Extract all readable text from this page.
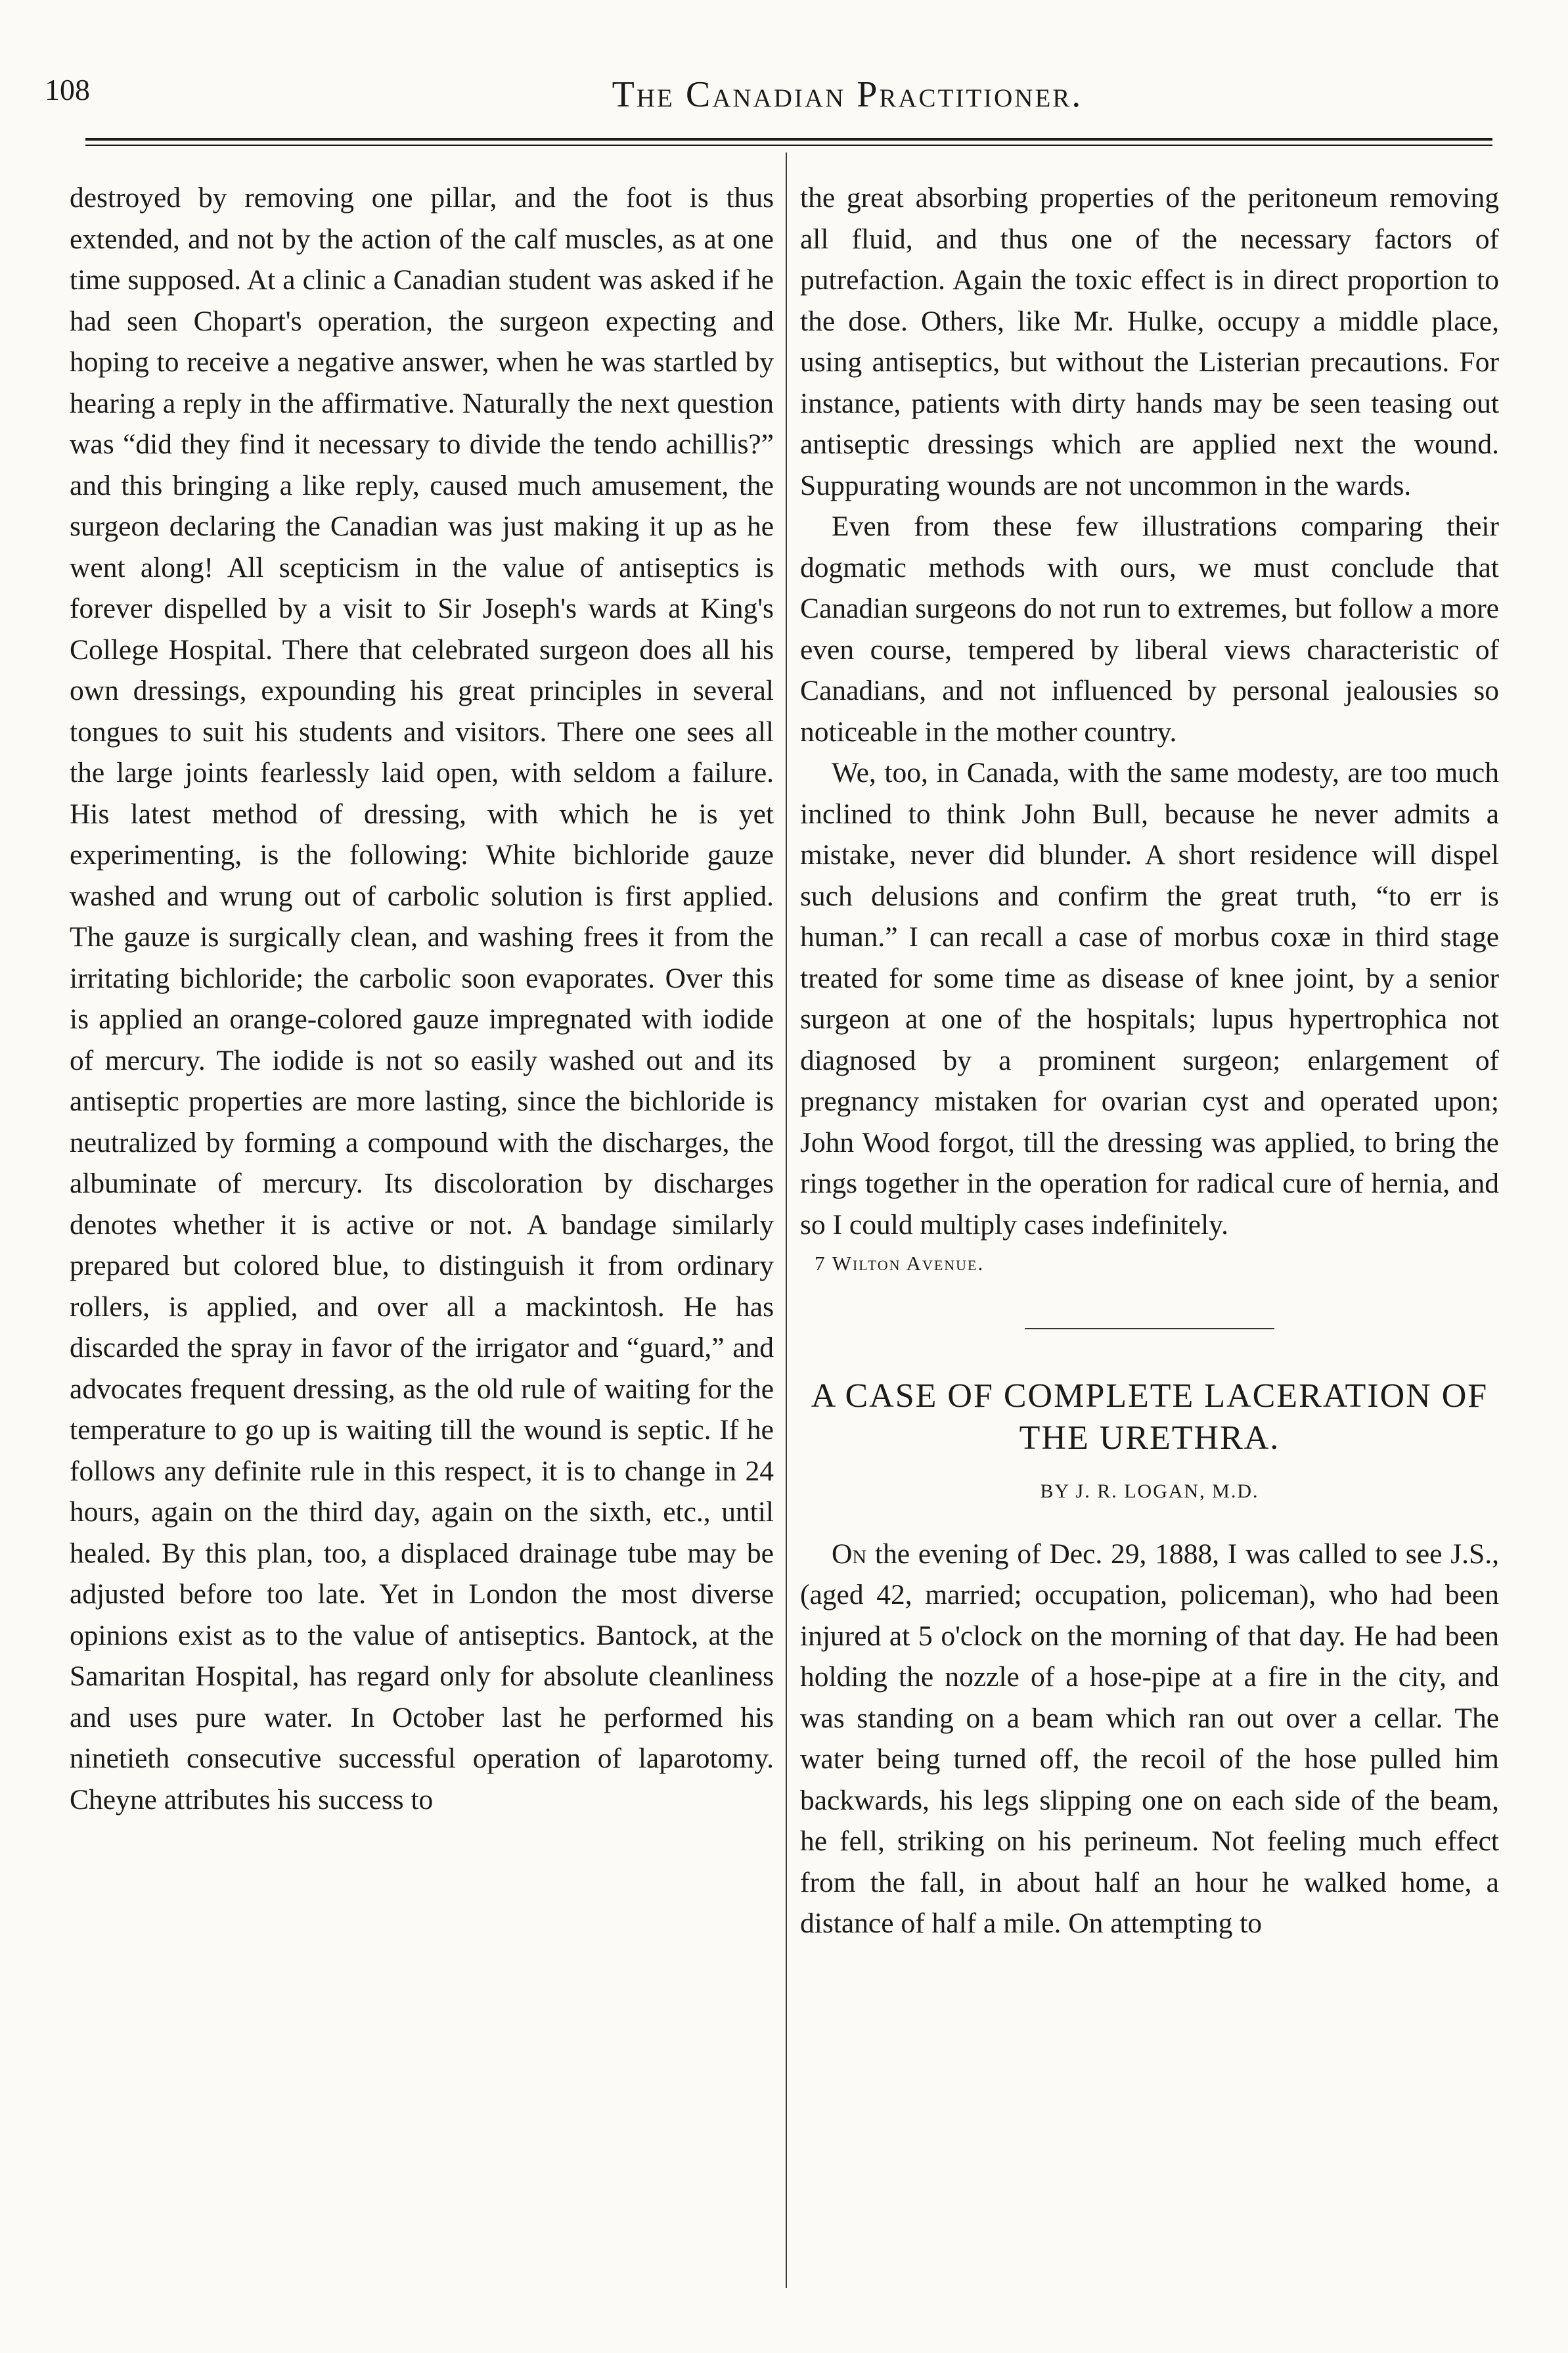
108	The Canadian Practitioner.

destroyed by removing one pillar, and the foot is thus extended, and not by the action of the calf muscles, as at one time supposed. At a clinic a Canadian student was asked if he had seen Chopart's operation, the surgeon expecting and hoping to receive a negative answer, when he was startled by hearing a reply in the affirmative. Naturally the next question was “did they find it necessary to divide the tendo achillis?” and this bringing a like reply, caused much amusement, the surgeon declaring the Canadian was just making it up as he went along! All scepticism in the value of antiseptics is forever dispelled by a visit to Sir Joseph's wards at King's College Hospital. There that celebrated surgeon does all his own dressings, expounding his great principles in several tongues to suit his students and visitors. There one sees all the large joints fearlessly laid open, with seldom a failure. His latest method of dressing, with which he is yet experimenting, is the following: White bichloride gauze washed and wrung out of carbolic solution is first applied. The gauze is surgically clean, and washing frees it from the irritating bichloride; the carbolic soon evaporates. Over this is applied an orange-colored gauze impregnated with iodide of mercury. The iodide is not so easily washed out and its antiseptic properties are more lasting, since the bichloride is neutralized by forming a compound with the discharges, the albuminate of mercury. Its discoloration by discharges denotes whether it is active or not. A bandage similarly prepared but colored blue, to distinguish it from ordinary rollers, is applied, and over all a mackintosh. He has discarded the spray in favor of the irrigator and “guard,” and advocates frequent dressing, as the old rule of waiting for the temperature to go up is waiting till the wound is septic. If he follows any definite rule in this respect, it is to change in 24 hours, again on the third day, again on the sixth, etc., until healed. By this plan, too, a displaced drainage tube may be adjusted before too late. Yet in London the most diverse opinions exist as to the value of antiseptics. Bantock, at the Samaritan Hospital, has regard only for absolute cleanliness and uses pure water. In October last he performed his ninetieth consecutive successful operation of laparotomy. Cheyne attributes his success to

the great absorbing properties of the peritoneum removing all fluid, and thus one of the necessary factors of putrefaction. Again the toxic effect is in direct proportion to the dose. Others, like Mr. Hulke, occupy a middle place, using antiseptics, but without the Listerian precautions. For instance, patients with dirty hands may be seen teasing out antiseptic dressings which are applied next the wound. Suppurating wounds are not uncommon in the wards.

Even from these few illustrations comparing their dogmatic methods with ours, we must conclude that Canadian surgeons do not run to extremes, but follow a more even course, tempered by liberal views characteristic of Canadians, and not influenced by personal jealousies so noticeable in the mother country.

We, too, in Canada, with the same modesty, are too much inclined to think John Bull, because he never admits a mistake, never did blunder. A short residence will dispel such delusions and confirm the great truth, “to err is human.” I can recall a case of morbus coxæ in third stage treated for some time as disease of knee joint, by a senior surgeon at one of the hospitals; lupus hypertrophica not diagnosed by a prominent surgeon; enlargement of pregnancy mistaken for ovarian cyst and operated upon; John Wood forgot, till the dressing was applied, to bring the rings together in the operation for radical cure of hernia, and so I could multiply cases indefinitely.

7 Wilton Avenue.

A CASE OF COMPLETE LACERATION OF THE URETHRA.

BY J. R. LOGAN, M.D.

On the evening of Dec. 29, 1888, I was called to see J.S., (aged 42, married; occupation, policeman), who had been injured at 5 o'clock on the morning of that day. He had been holding the nozzle of a hose-pipe at a fire in the city, and was standing on a beam which ran out over a cellar. The water being turned off, the recoil of the hose pulled him backwards, his legs slipping one on each side of the beam, he fell, striking on his perineum. Not feeling much effect from the fall, in about half an hour he walked home, a distance of half a mile. On attempting to
